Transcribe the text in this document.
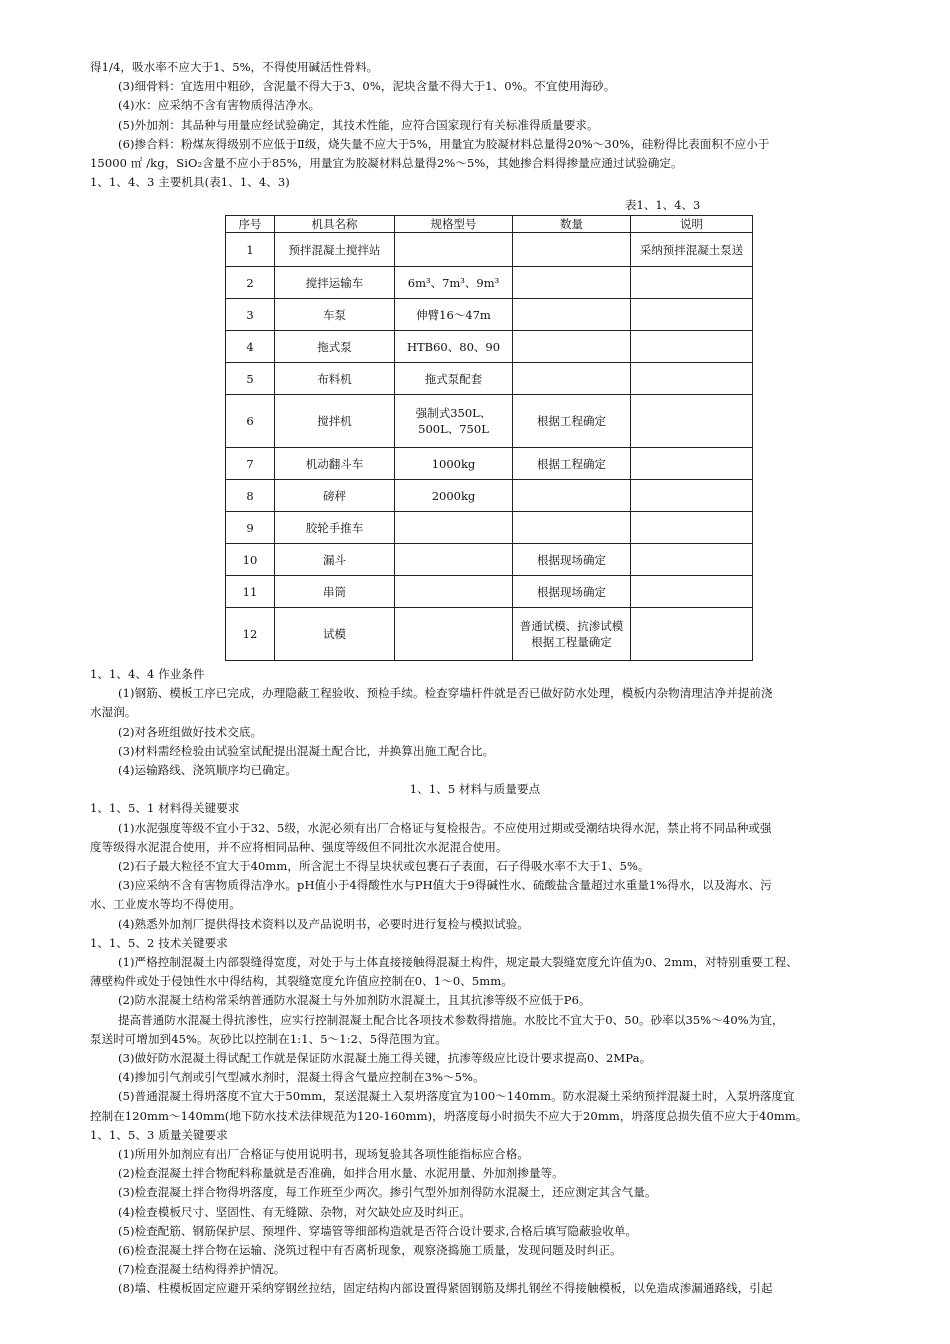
得1/4，吸水率不应大于1、5%，不得使用碱活性骨料。
(3)细骨料：宜选用中粗砂，含泥量不得大于3、0%，泥块含量不得大于1、0%。不宜使用海砂。
(4)水：应采纳不含有害物质得洁净水。
(5)外加剂：其品种与用量应经试验确定，其技术性能，应符合国家现行有关标准得质量要求。
(6)掺合料：粉煤灰得级别不应低于Ⅱ级，烧失量不应大于5%，用量宜为胶凝材料总量得20%～30%，硅粉得比表面积不应小于
15000 ㎡ /kg，SiO₂含量不应小于85%，用量宜为胶凝材料总量得2%～5%，其她掺合料得掺量应通过试验确定。
1、1、4、3 主要机具(表1、1、4、3)
表1、1、4、3
序号	机具名称	规格型号	数量	说明
1	预拌混凝土搅拌站			采纳预拌混凝土泵送
2	搅拌运输车	6m³、7m³、9m³		
3	车泵	伸臂16～47m		
4	拖式泵	HTB60、80、90		
5	布料机	拖式泵配套		
6	搅拌机	强制式350L、500L、750L	根据工程确定	
7	机动翻斗车	1000kg	根据工程确定	
8	磅秤	2000kg		
9	胶轮手推车			
10	漏斗		根据现场确定	
11	串筒		根据现场确定	
12	试模		普通试模、抗渗试模根据工程量确定	
1、1、4、4 作业条件
(1)钢筋、模板工序已完成，办理隐蔽工程验收、预检手续。检查穿墙杆件就是否已做好防水处理，模板内杂物清理洁净并提前浇
水湿润。
(2)对各班组做好技术交底。
(3)材料需经检验由试验室试配提出混凝土配合比，并换算出施工配合比。
(4)运输路线、浇筑顺序均已确定。
1、1、5 材料与质量要点
1、1、5、1 材料得关键要求
(1)水泥强度等级不宜小于32、5级，水泥必须有出厂合格证与复检报告。不应使用过期或受潮结块得水泥，禁止将不同品种或强
度等级得水泥混合使用，并不应将相同品种、强度等级但不同批次水泥混合使用。
(2)石子最大粒径不宜大于40mm，所含泥土不得呈块状或包裹石子表面，石子得吸水率不大于1、5%。
(3)应采纳不含有害物质得洁净水。pH值小于4得酸性水与PH值大于9得碱性水、硫酸盐含量超过水重量1%得水，以及海水、污
水、工业废水等均不得使用。
(4)熟悉外加剂厂提供得技术资料以及产品说明书，必要时进行复检与模拟试验。
1、1、5、2 技术关键要求
(1)严格控制混凝土内部裂缝得宽度，对处于与土体直接接触得混凝土构件，规定最大裂缝宽度允许值为0、2mm，对特别重要工程、
薄壁构件或处于侵蚀性水中得结构，其裂缝宽度允许值应控制在0、1～0、5mm。
(2)防水混凝土结构常采纳普通防水混凝土与外加剂防水混凝土，且其抗渗等级不应低于P6。
提高普通防水混凝土得抗渗性，应实行控制混凝土配合比各项技术参数得措施。水胶比不宜大于0、50。砂率以35%～40%为宜，
泵送时可增加到45%。灰砂比以控制在1:1、5～1:2、5得范围为宜。
(3)做好防水混凝土得试配工作就是保证防水混凝土施工得关键，抗渗等级应比设计要求提高0、2MPa。
(4)掺加引气剂或引气型减水剂时，混凝土得含气量应控制在3%～5%。
(5)普通混凝土得坍落度不宜大于50mm，泵送混凝土入泵坍落度宜为100～140mm。防水混凝土采纳预拌混凝土时，入泵坍落度宜
控制在120mm～140mm(地下防水技术法律规范为120-160mm)，坍落度每小时损失不应大于20mm，坍落度总损失值不应大于40mm。
1、1、5、3 质量关键要求
(1)所用外加剂应有出厂合格证与使用说明书，现场复验其各项性能指标应合格。
(2)检查混凝土拌合物配料称量就是否准确，如拌合用水量、水泥用量、外加剂掺量等。
(3)检查混凝土拌合物得坍落度，每工作班至少两次。掺引气型外加剂得防水混凝土，还应测定其含气量。
(4)检查模板尺寸、坚固性、有无缝隙、杂物，对欠缺处应及时纠正。
(5)检查配筋、钢筋保护层、预埋件、穿墙管等细部构造就是否符合设计要求,合格后填写隐蔽验收单。
(6)检查混凝土拌合物在运输、浇筑过程中有否离析现象，观察浇捣施工质量，发现问题及时纠正。
(7)检查混凝土结构得养护情况。
(8)墙、柱模板固定应避开采纳穿钢丝拉结，固定结构内部设置得紧固钢筋及绑扎钢丝不得接触模板，以免造成渗漏通路线，引起
